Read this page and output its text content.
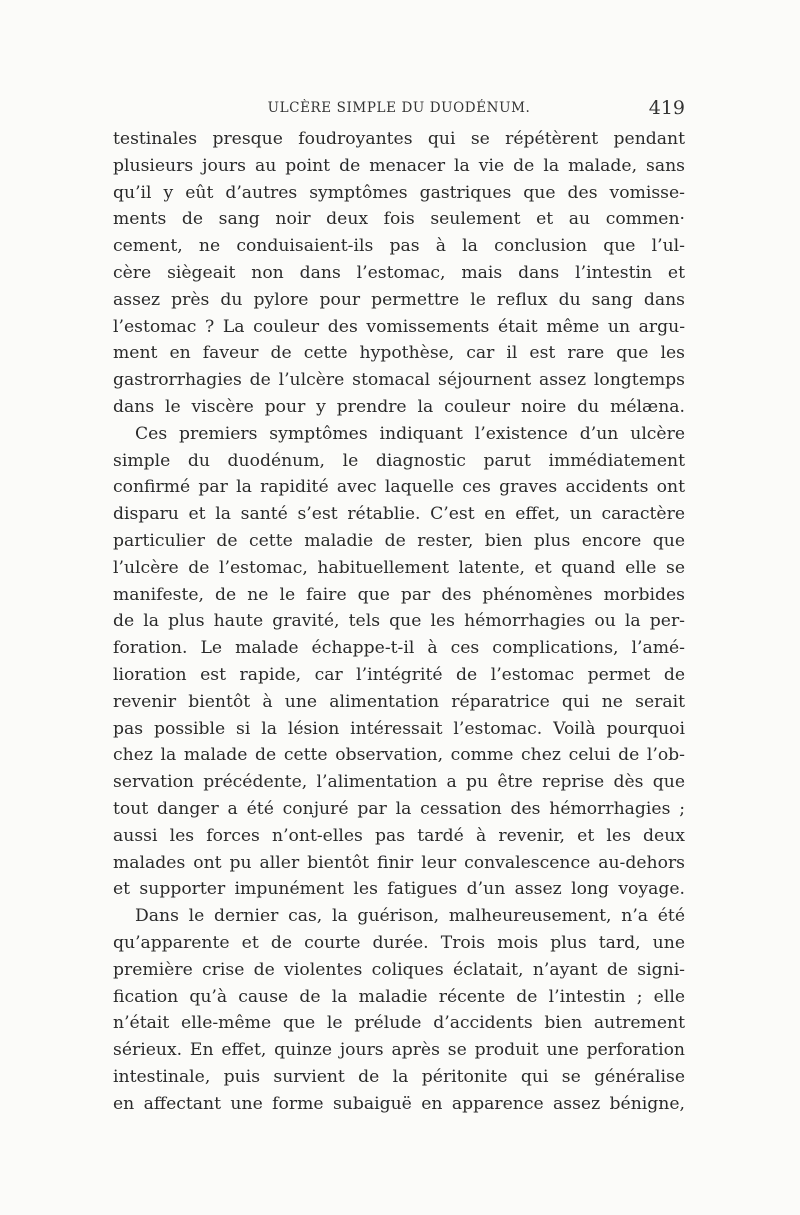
ULCÈRE SIMPLE DU DUODÉNUM.	419
testinales presque foudroyantes qui se répétèrent pendant
plusieurs jours au point de menacer la vie de la malade, sans
qu’il y eût d’autres symptômes gastriques que des vomisse-
ments de sang noir deux fois seulement et au commen·
cement, ne conduisaient-ils pas à la conclusion que l’ul-
cère siègeait non dans l’estomac, mais dans l’intestin et
assez près du pylore pour permettre le reflux du sang dans
l’estomac ? La couleur des vomissements était même un argu-
ment en faveur de cette hypothèse, car il est rare que les
gastrorrhagies de l’ulcère stomacal séjournent assez longtemps
dans le viscère pour y prendre la couleur noire du mélæna.
Ces premiers symptômes indiquant l’existence d’un ulcère
simple du duodénum, le diagnostic parut immédiatement
confirmé par la rapidité avec laquelle ces graves accidents ont
disparu et la santé s’est rétablie. C’est en effet, un caractère
particulier de cette maladie de rester, bien plus encore que
l’ulcère de l’estomac, habituellement latente, et quand elle se
manifeste, de ne le faire que par des phénomènes morbides
de la plus haute gravité, tels que les hémorrhagies ou la per-
foration. Le malade échappe-t-il à ces complications, l’amé-
lioration est rapide, car l’intégrité de l’estomac permet de
revenir bientôt à une alimentation réparatrice qui ne serait
pas possible si la lésion intéressait l’estomac. Voilà pourquoi
chez la malade de cette observation, comme chez celui de l’ob-
servation précédente, l’alimentation a pu être reprise dès que
tout danger a été conjuré par la cessation des hémorrhagies ;
aussi les forces n’ont-elles pas tardé à revenir, et les deux
malades ont pu aller bientôt finir leur convalescence au-dehors
et supporter impunément les fatigues d’un assez long voyage.
Dans le dernier cas, la guérison, malheureusement, n’a été
qu’apparente et de courte durée. Trois mois plus tard, une
première crise de violentes coliques éclatait, n’ayant de signi-
fication qu’à cause de la maladie récente de l’intestin ; elle
n’était elle-même que le prélude d’accidents bien autrement
sérieux. En effet, quinze jours après se produit une perforation
intestinale, puis survient de la péritonite qui se généralise
en affectant une forme subaiguë en apparence assez bénigne,
